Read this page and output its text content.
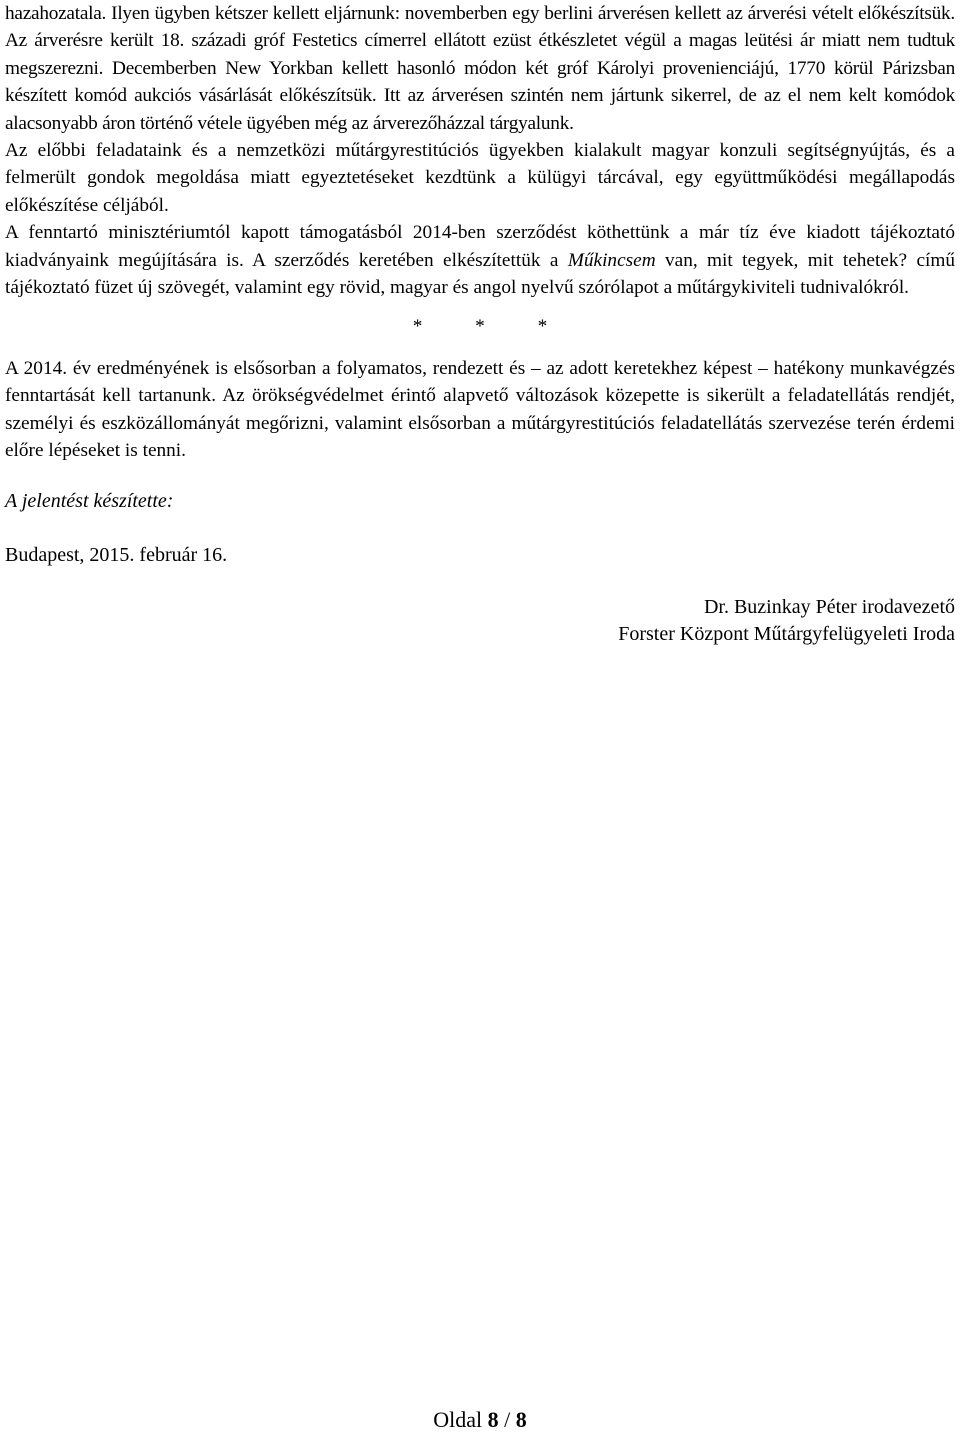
hazahozatala. Ilyen ügyben kétszer kellett eljárnunk: novemberben egy berlini árverésen kellett az árverési vételt előkészítsük. Az árverésre került 18. századi gróf Festetics címerrel ellátott ezüst étkészletet végül a magas leütési ár miatt nem tudtuk megszerezni. Decemberben New Yorkban kellett hasonló módon két gróf Károlyi provenienciájú, 1770 körül Párizsban készített komód aukciós vásárlását előkészítsük. Itt az árverésen szintén nem jártunk sikerrel, de az el nem kelt komódok alacsonyabb áron történő vétele ügyében még az árverezőházzal tárgyalunk.

Az előbbi feladataink és a nemzetközi műtárgyrestitúciós ügyekben kialakult magyar konzuli segítségnyújtás, és a felmerült gondok megoldása miatt egyeztetéseket kezdtünk a külügyi tárcával, egy együttműködési megállapodás előkészítése céljából.

A fenntartó minisztériumtól kapott támogatásból 2014-ben szerződést köthettünk a már tíz éve kiadott tájékoztató kiadványaink megújítására is. A szerződés keretében elkészítettük a Műkincsem van, mit tegyek, mit tehetek? című tájékoztató füzet új szövegét, valamint egy rövid, magyar és angol nyelvű szórólapot a műtárgykiviteli tudnivalókról.

* * *

A 2014. év eredményének is elsősorban a folyamatos, rendezett és – az adott keretekhez képest – hatékony munkavégzés fenntartását kell tartanunk. Az örökségvédelmet érintő alapvető változások közepette is sikerült a feladatellátás rendjét, személyi és eszközállományát megőrizni, valamint elsősorban a műtárgyrestitúciós feladatellátás szervezése terén érdemi előre lépéseket is tenni.

A jelentést készítette:
Budapest, 2015. február 16.
Dr. Buzinkay Péter irodavezető
Forster Központ Műtárgyfelügyeleti Iroda
Oldal 8 / 8
